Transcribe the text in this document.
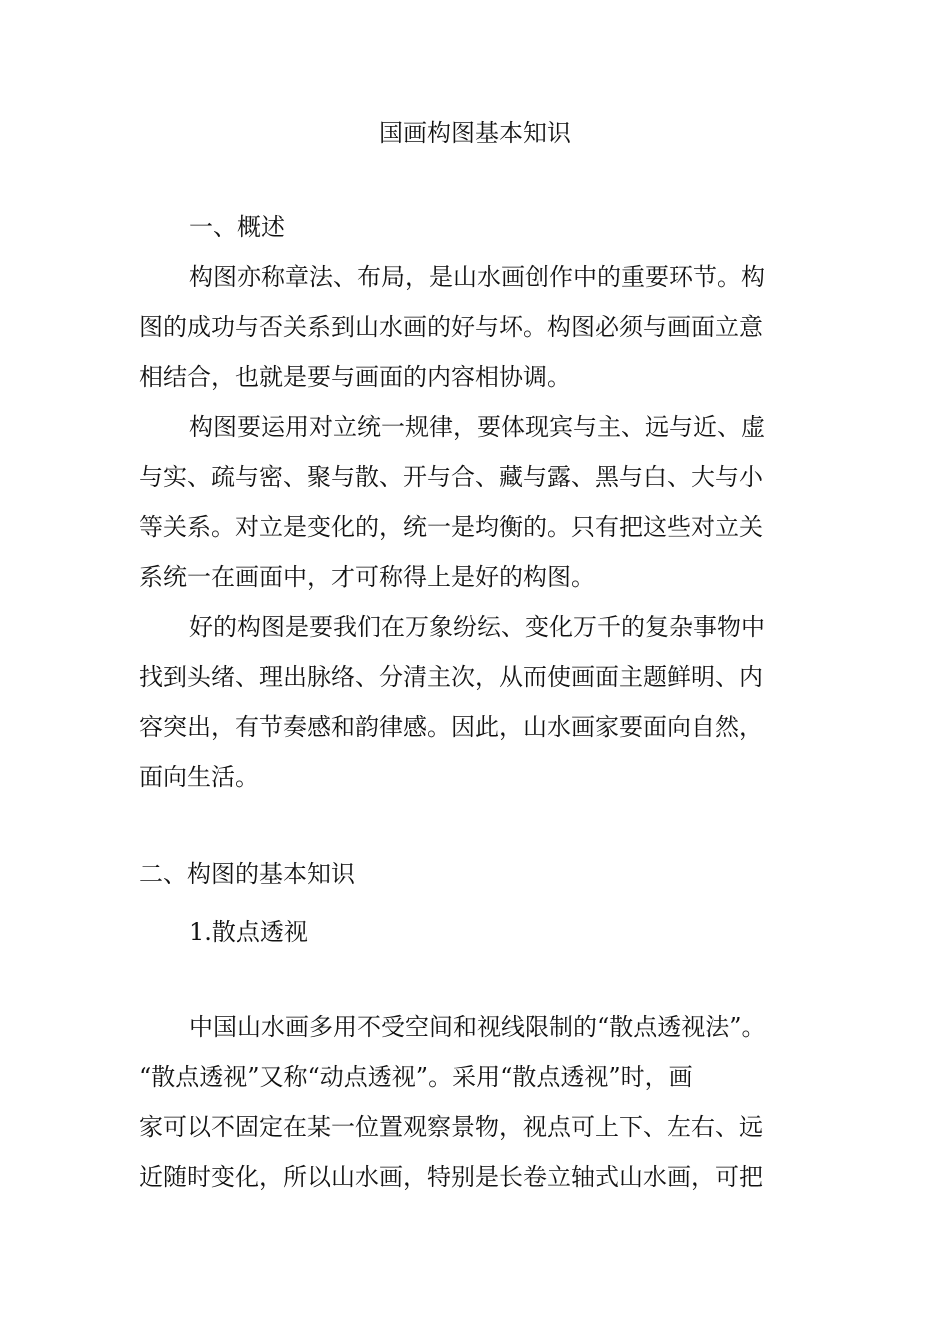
国画构图基本知识

一、概述

构图亦称章法、布局，是山水画创作中的重要环节。构

图的成功与否关系到山水画的好与坏。构图必须与画面立意

相结合，也就是要与画面的内容相协调。

构图要运用对立统一规律，要体现宾与主、远与近、虚

与实、疏与密、聚与散、开与合、藏与露、黑与白、大与小

等关系。对立是变化的，统一是均衡的。只有把这些对立关

系统一在画面中，才可称得上是好的构图。

好的构图是要我们在万象纷纭、变化万千的复杂事物中

找到头绪、理出脉络、分清主次，从而使画面主题鲜明、内

容突出，有节奏感和韵律感。因此，山水画家要面向自然，

面向生活。

二、构图的基本知识

1.散点透视

中国山水画多用不受空间和视线限制的“散点透视法”。

“散点透视”又称“动点透视”。采用“散点透视”时，画

家可以不固定在某一位置观察景物，视点可上下、左右、远

近随时变化，所以山水画，特别是长卷立轴式山水画，可把
